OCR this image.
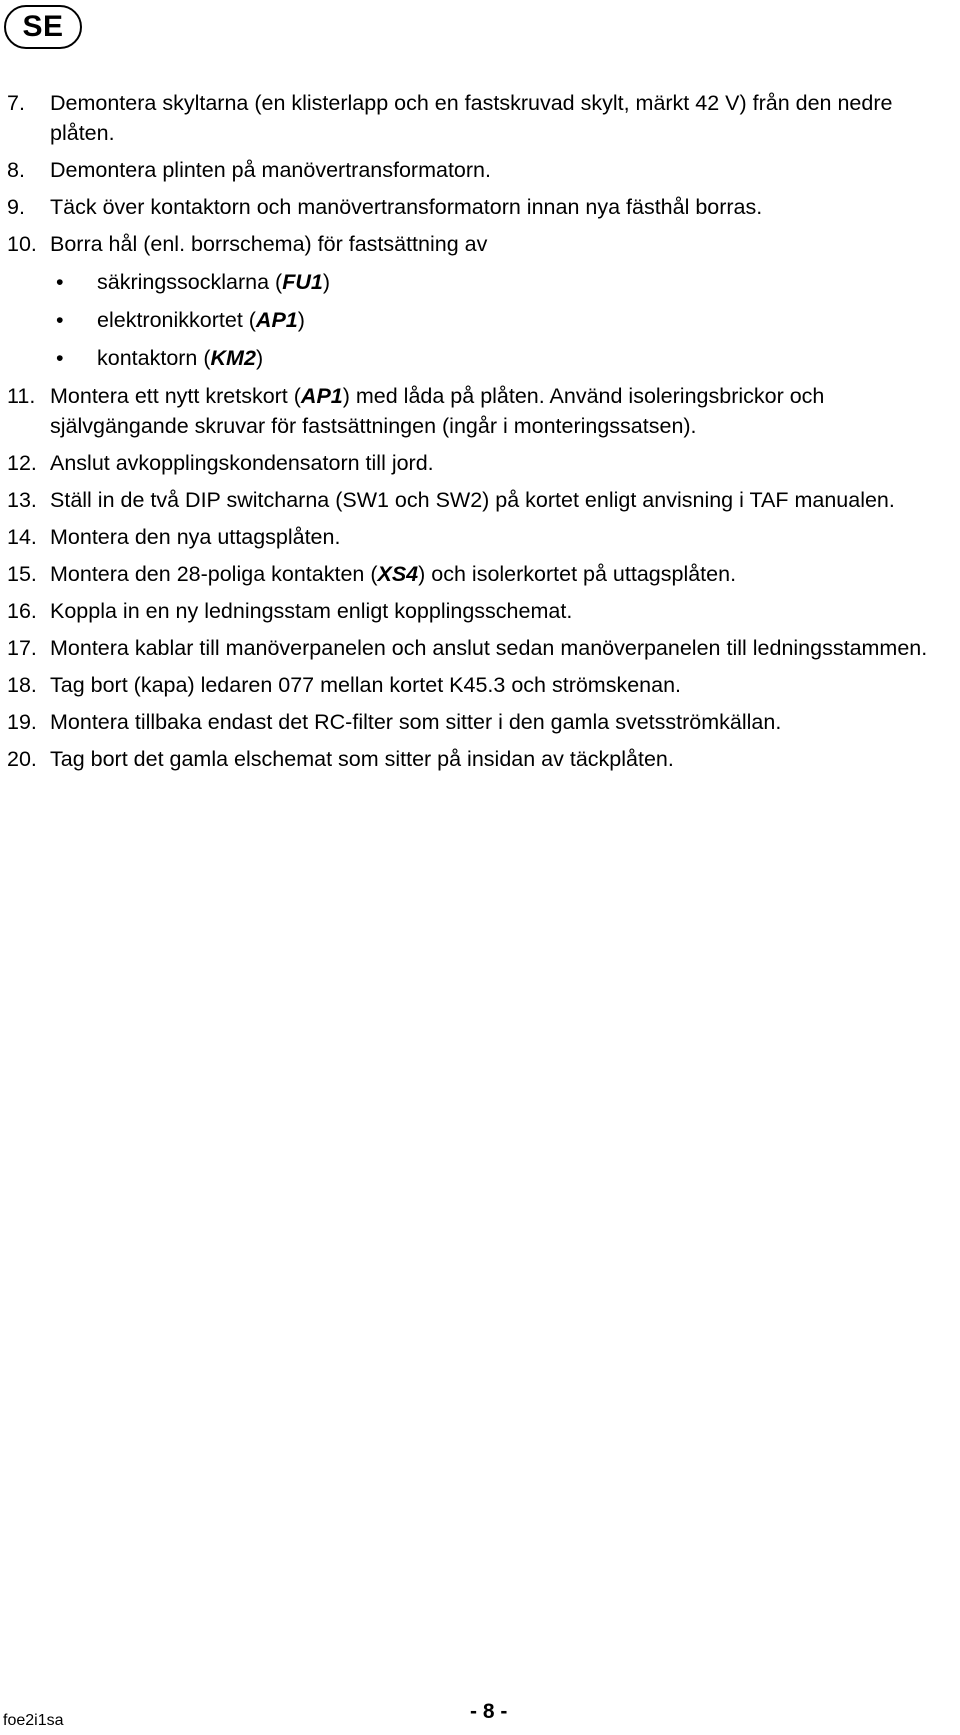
SE
7. Demontera skyltarna (en klisterlapp och en fastskruvad skylt, märkt 42 V) från den nedre plåten.
8. Demontera plinten på manövertransformatorn.
9. Täck över kontaktorn och manövertransformatorn innan nya fästhål borras.
10. Borra hål (enl. borrschema) för fastsättning av
• säkringssocklarna (FU1)
• elektronikkortet (AP1)
• kontaktorn (KM2)
11. Montera ett nytt kretskort (AP1) med låda på plåten. Använd isoleringsbrickor och självgängande skruvar för fastsättningen (ingår i monteringssatsen).
12. Anslut avkopplingskondensatorn till jord.
13. Ställ in de två DIP switcharna (SW1 och SW2) på kortet enligt anvisning i TAF manualen.
14. Montera den nya uttagsplåten.
15. Montera den 28-poliga kontakten (XS4) och isolerkortet på uttagsplåten.
16. Koppla in en ny ledningsstam enligt kopplingsschemat.
17. Montera kablar till manöverpanelen och anslut sedan manöverpanelen till ledningsstammen.
18. Tag bort (kapa) ledaren 077 mellan kortet K45.3 och strömskenan.
19. Montera tillbaka endast det RC-filter som sitter i den gamla svetsströmkällan.
20. Tag bort det gamla elschemat som sitter på insidan av täckplåten.
- 8 -
foe2i1sa
